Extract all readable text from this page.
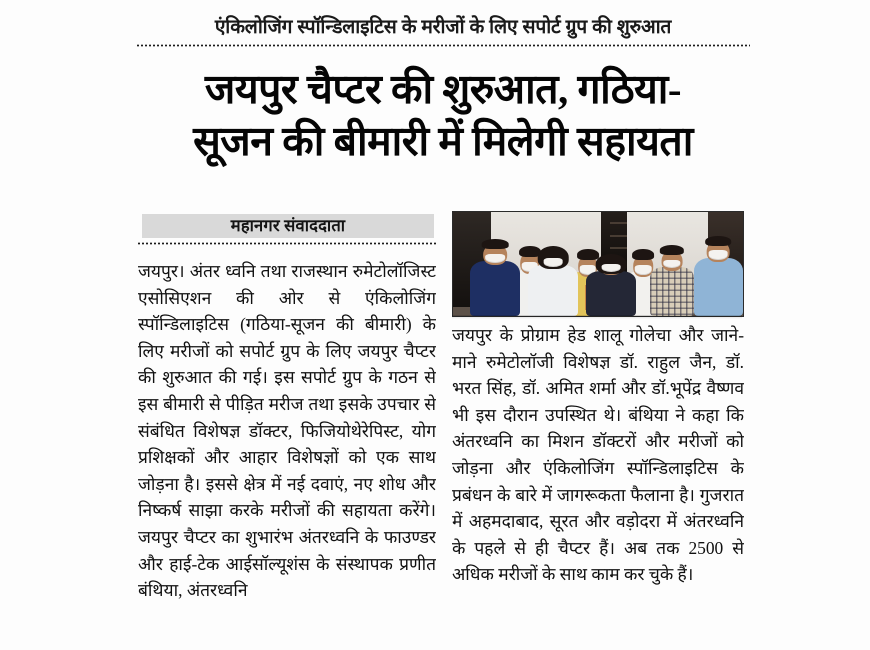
एंकिलोजिंग स्पॉन्डिलाइटिस के मरीजों के लिए सपोर्ट ग्रुप की शुरुआत
जयपुर चैप्टर की शुरुआत, गठिया-
सूजन की बीमारी में मिलेगी सहायता
महानगर संवाददाता

जयपुर। अंतर ध्वनि तथा राजस्थान रुमेटोलॉजिस्ट एसोसिएशन की ओर से एंकिलोजिंग स्पॉन्डिलाइटिस (गठिया-सूजन की बीमारी) के लिए मरीजों को सपोर्ट ग्रुप के लिए जयपुर चैप्टर की शुरुआत की गई। इस सपोर्ट ग्रुप के गठन से इस बीमारी से पीड़ित मरीज तथा इसके उपचार से संबंधित विशेषज्ञ डॉक्टर, फिजियोथेरेपिस्ट, योग प्रशिक्षकों और आहार विशेषज्ञों को एक साथ जोड़ना है। इससे क्षेत्र में नई दवाएं, नए शोध और निष्कर्ष साझा करके मरीजों की सहायता करेंगे। जयपुर चैप्टर का शुभारंभ अंतरध्वनि के फाउण्डर और हाई-टेक आईसॉल्यूशंस के संस्थापक प्रणीत बंथिया, अंतरध्वनि

जयपुर के प्रोग्राम हेड शालू गोलेचा और जाने-माने रुमेटोलॉजी विशेषज्ञ डॉ. राहुल जैन, डॉ. भरत सिंह, डॉ. अमित शर्मा और डॉ.भूपेंद्र वैष्णव भी इस दौरान उपस्थित थे। बंथिया ने कहा कि अंतरध्वनि का मिशन डॉक्टरों और मरीजों को जोड़ना और एंकिलोजिंग स्पॉन्डिलाइटिस के प्रबंधन के बारे में जागरूकता फैलाना है। गुजरात में अहमदाबाद, सूरत और वड़ोदरा में अंतरध्वनि के पहले से ही चैप्टर हैं। अब तक 2500 से अधिक मरीजों के साथ काम कर चुके हैं।
